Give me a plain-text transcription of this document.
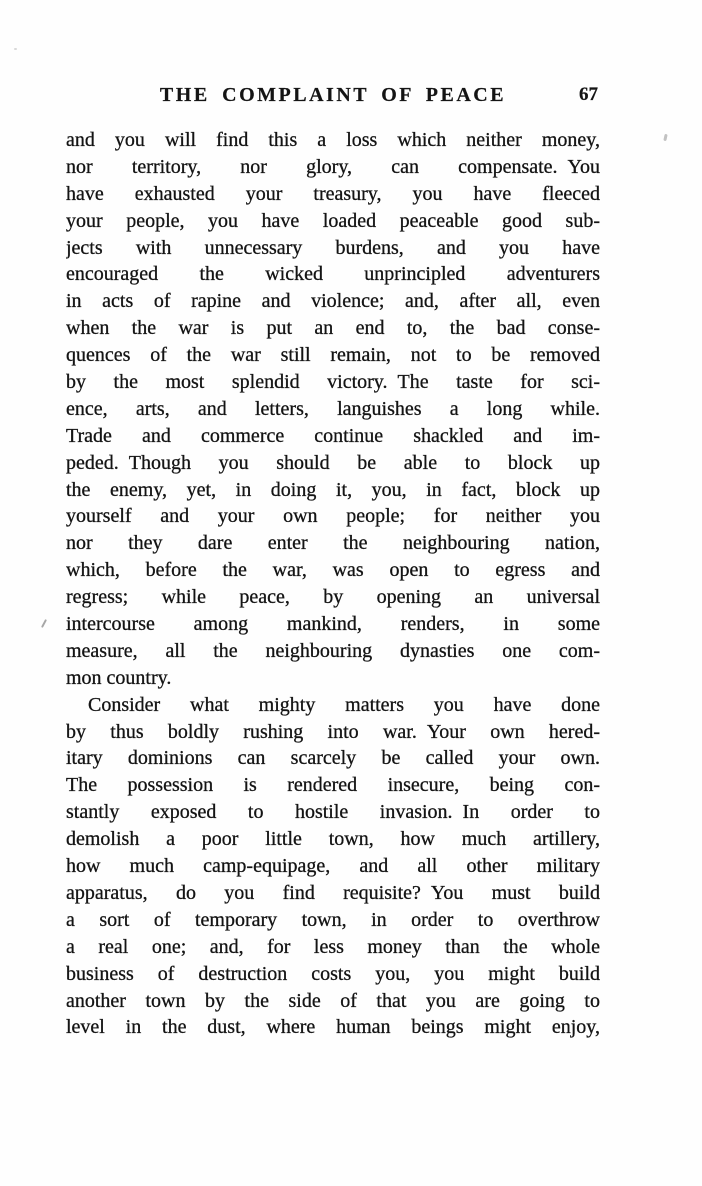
THE COMPLAINT OF PEACE	67
and you will find this a loss which neither money,
nor territory, nor glory, can compensate. You
have exhausted your treasury, you have fleeced
your people, you have loaded peaceable good sub-
jects with unnecessary burdens, and you have
encouraged the wicked unprincipled adventurers
in acts of rapine and violence; and, after all, even
when the war is put an end to, the bad conse-
quences of the war still remain, not to be removed
by the most splendid victory. The taste for sci-
ence, arts, and letters, languishes a long while.
Trade and commerce continue shackled and im-
peded. Though you should be able to block up
the enemy, yet, in doing it, you, in fact, block up
yourself and your own people; for neither you
nor they dare enter the neighbouring nation,
which, before the war, was open to egress and
regress; while peace, by opening an universal
intercourse among mankind, renders, in some
measure, all the neighbouring dynasties one com-
mon country.
Consider what mighty matters you have done
by thus boldly rushing into war. Your own hered-
itary dominions can scarcely be called your own.
The possession is rendered insecure, being con-
stantly exposed to hostile invasion. In order to
demolish a poor little town, how much artillery,
how much camp-equipage, and all other military
apparatus, do you find requisite? You must build
a sort of temporary town, in order to overthrow
a real one; and, for less money than the whole
business of destruction costs you, you might build
another town by the side of that you are going to
level in the dust, where human beings might enjoy,
